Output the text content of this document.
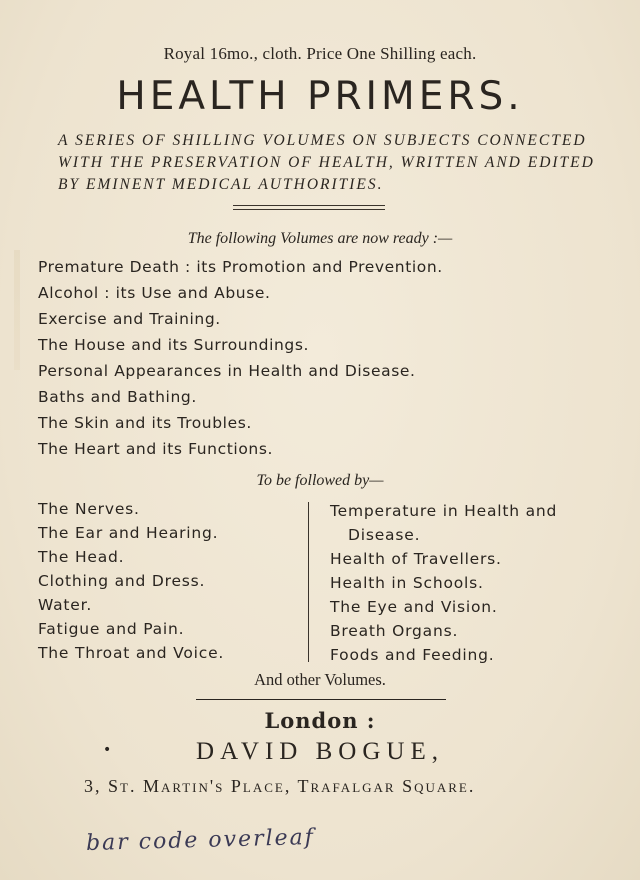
Royal 16mo., cloth. Price One Shilling each.
HEALTH PRIMERS.
A SERIES OF SHILLING VOLUMES ON SUBJECTS CONNECTED WITH THE PRESERVATION OF HEALTH, WRITTEN AND EDITED BY EMINENT MEDICAL AUTHORITIES.
The following Volumes are now ready :—
Premature Death : its Promotion and Prevention.
Alcohol : its Use and Abuse.
Exercise and Training.
The House and its Surroundings.
Personal Appearances in Health and Disease.
Baths and Bathing.
The Skin and its Troubles.
The Heart and its Functions.
To be followed by—
The Nerves.
The Ear and Hearing.
The Head.
Clothing and Dress.
Water.
Fatigue and Pain.
The Throat and Voice.
Temperature in Health and
Disease.
Health of Travellers.
Health in Schools.
The Eye and Vision.
Breath Organs.
Foods and Feeding.
And other Volumes.
London :
•	DAVID BOGUE,
3, St. Martin's Place, Trafalgar Square.
bar code overleaf
